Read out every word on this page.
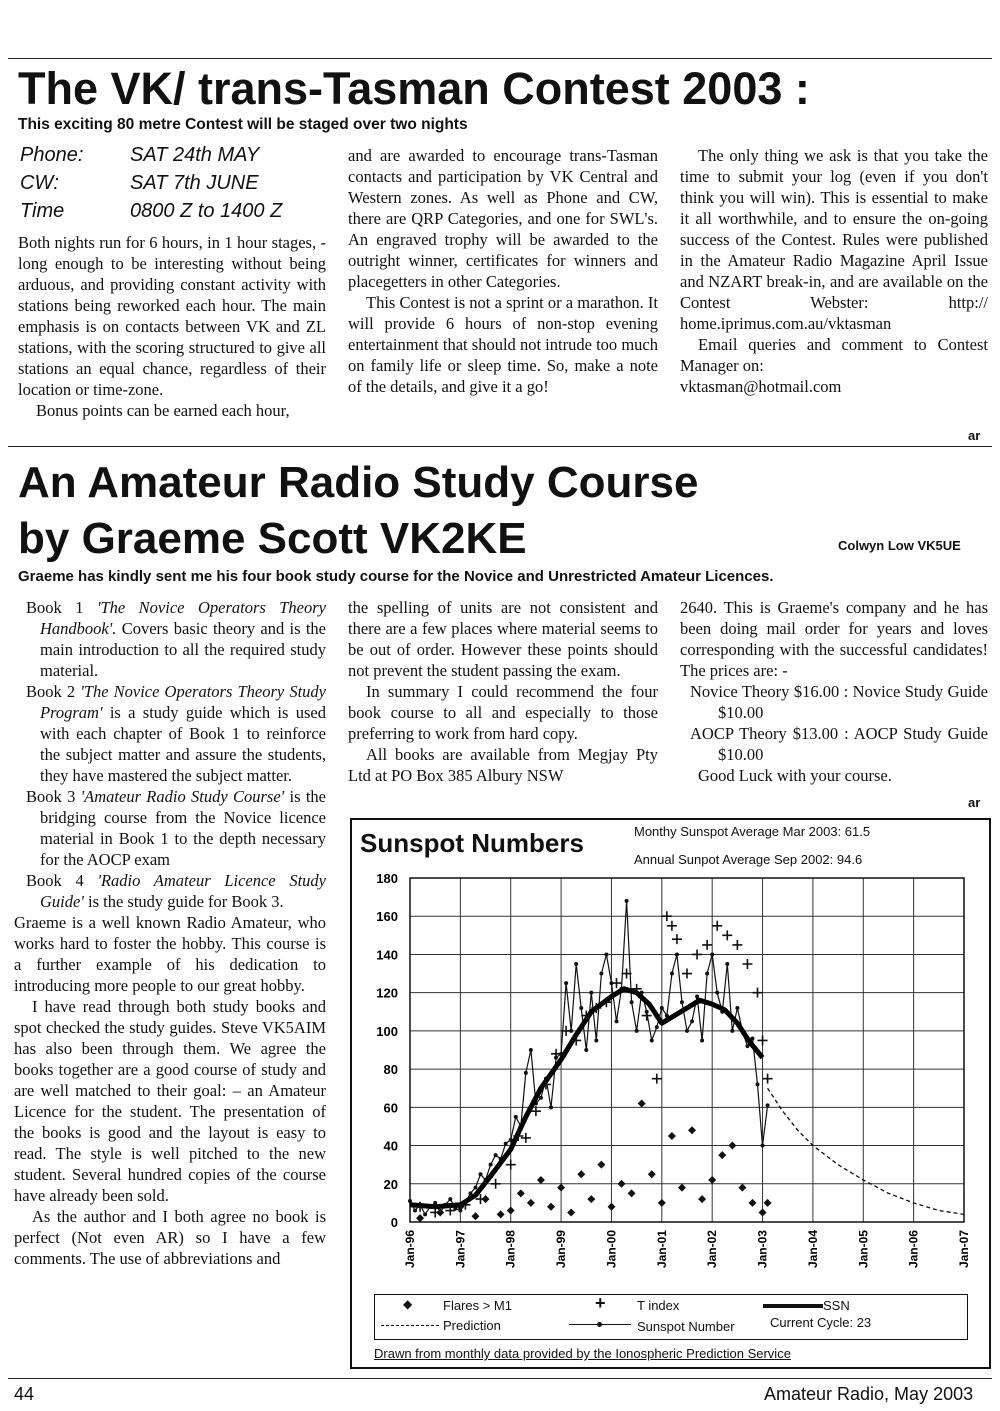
The VK/ trans-Tasman Contest 2003 :
This exciting 80 metre Contest will be staged over two nights
Phone:	SAT 24th MAY
CW:	SAT 7th JUNE
Time	0800 Z to 1400 Z

Both nights run for 6 hours, in 1 hour stages, - long enough to be interesting without being arduous, and providing constant activity with stations being reworked each hour. The main emphasis is on contacts between VK and ZL stations, with the scoring structured to give all stations an equal chance, regardless of their location or time-zone.

Bonus points can be earned each hour,

and are awarded to encourage trans-Tasman contacts and participation by VK Central and Western zones. As well as Phone and CW, there are QRP Categories, and one for SWL's. An engraved trophy will be awarded to the outright winner, certificates for winners and placegetters in other Categories.

This Contest is not a sprint or a marathon. It will provide 6 hours of non-stop evening entertainment that should not intrude too much on family life or sleep time. So, make a note of the details, and give it a go!

The only thing we ask is that you take the time to submit your log (even if you don't think you will win). This is essential to make it all worthwhile, and to ensure the on-going success of the Contest. Rules were published in the Amateur Radio Magazine April Issue and NZART break-in, and are available on the Contest Webster: http:// home.iprimus.com.au/vktasman

Email queries and comment to Contest Manager on:

vktasman@hotmail.com

ar
An Amateur Radio Study Course
by Graeme Scott VK2KE	Colwyn Low VK5UE
Graeme has kindly sent me his four book study course for the Novice and Unrestricted Amateur Licences.

Book 1 'The Novice Operators Theory Handbook'. Covers basic theory and is the main introduction to all the required study material.

Book 2 'The Novice Operators Theory Study Program' is a study guide which is used with each chapter of Book 1 to reinforce the subject matter and assure the students, they have mastered the subject matter.

Book 3 'Amateur Radio Study Course' is the bridging course from the Novice licence material in Book 1 to the depth necessary for the AOCP exam

Book 4 'Radio Amateur Licence Study Guide' is the study guide for Book 3.

Graeme is a well known Radio Amateur, who works hard to foster the hobby. This course is a further example of his dedication to introducing more people to our great hobby.

I have read through both study books and spot checked the study guides. Steve VK5AIM has also been through them. We agree the books together are a good course of study and are well matched to their goal: – an Amateur Licence for the student. The presentation of the books is good and the layout is easy to read. The style is well pitched to the new student. Several hundred copies of the course have already been sold.

As the author and I both agree no book is perfect (Not even AR) so I have a few comments. The use of abbreviations and

the spelling of units are not consistent and there are a few places where material seems to be out of order. However these points should not prevent the student passing the exam.

In summary I could recommend the four book course to all and especially to those preferring to work from hard copy.

All books are available from Megjay Pty Ltd at PO Box 385 Albury NSW

2640. This is Graeme's company and he has been doing mail order for years and loves corresponding with the successful candidates! The prices are: -

Novice Theory $16.00 : Novice Study Guide $10.00

AOCP Theory $13.00 : AOCP Study Guide $10.00

Good Luck with your course.

ar
Sunspot Numbers	Monthy Sunspot Average Mar 2003: 61.5
Annual Sunpot Average Sep 2002: 94.6
0
20
40
60
80
100
120
140
160
180
Jan-96	Jan-97	Jan-98	Jan-99	Jan-00	Jan-01	Jan-02	Jan-03	Jan-04	Jan-05	Jan-06	Jan-07
◆ Flares > M1	+ T index	SSN
Prediction	Sunspot Number	Current Cycle: 23
Drawn from monthly data provided by the Ionospheric Prediction Service
44	Amateur Radio, May 2003
